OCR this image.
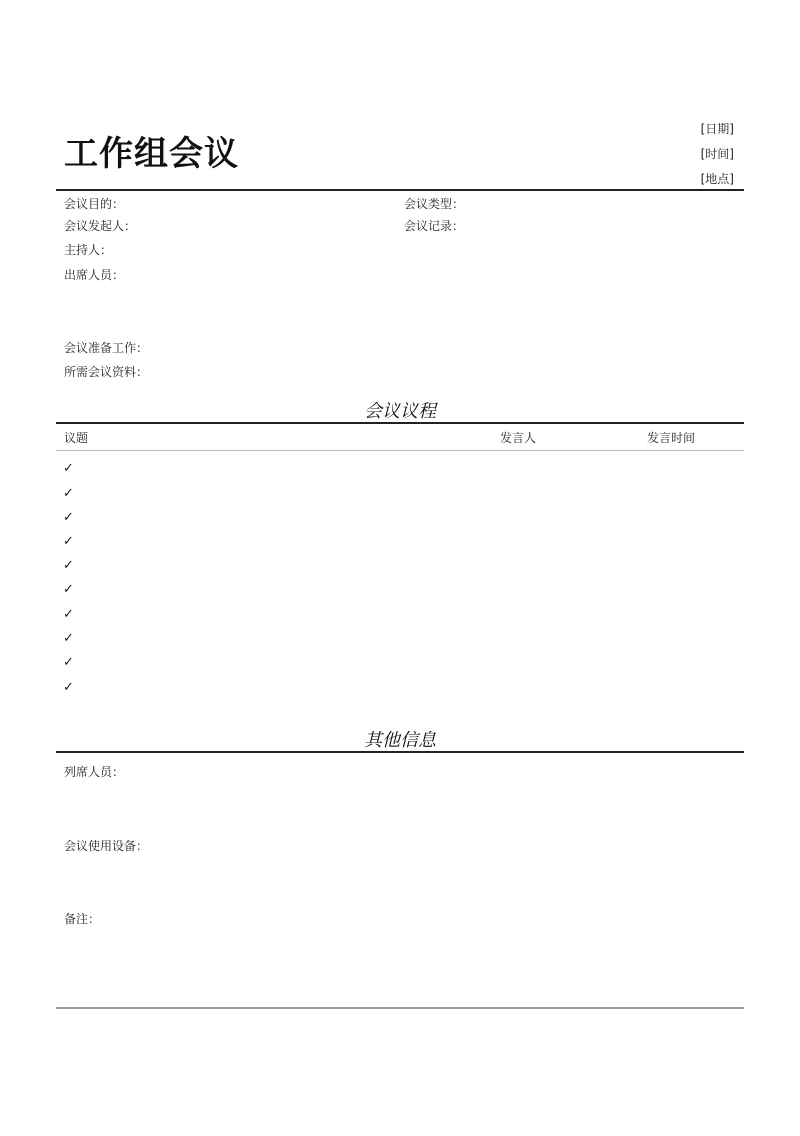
工作组会议
[日期]
[时间]
[地点]
会议目的：	会议类型：
会议发起人：	会议记录：
主持人：
出席人员：
会议准备工作：
所需会议资料：
会议议程
议题	发言人	发言时间
✓
✓
✓
✓
✓
✓
✓
✓
✓
✓
其他信息
列席人员：
会议使用设备：
备注：
